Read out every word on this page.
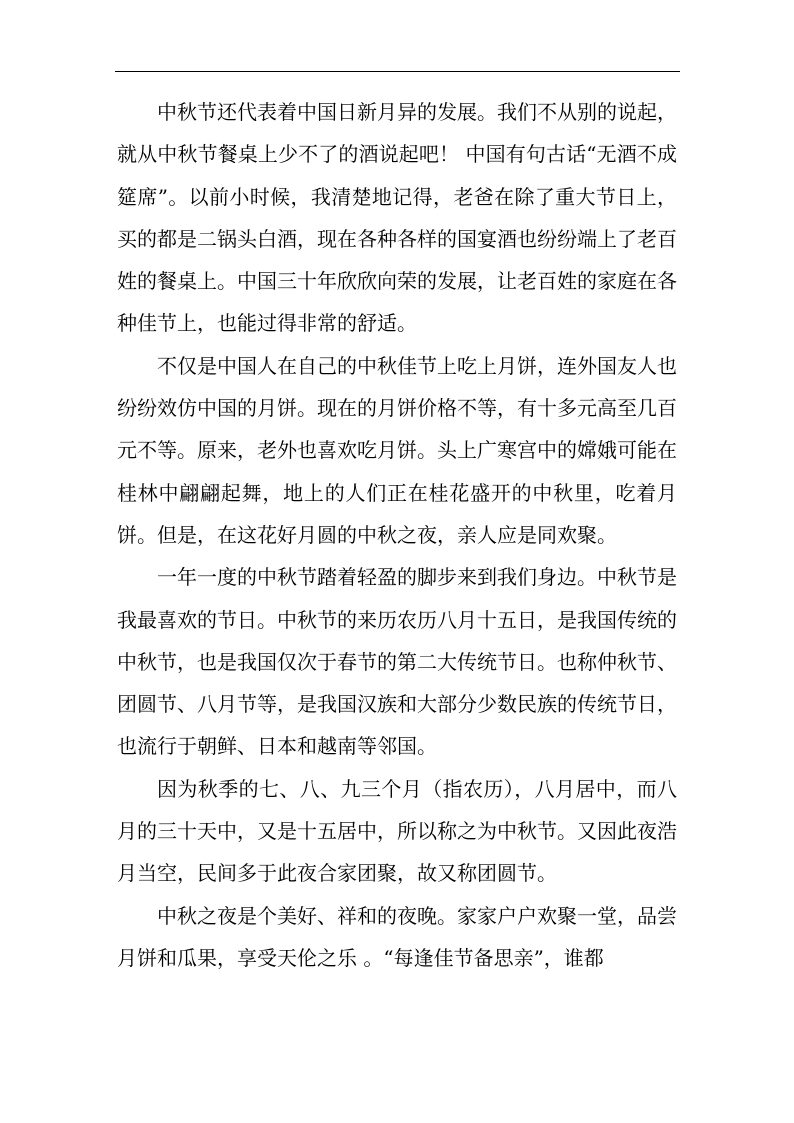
中秋节还代表着中国日新月异的发展。我们不从别的说起，就从中秋节餐桌上少不了的酒说起吧！ 中国有句古话“无酒不成筵席”。以前小时候，我清楚地记得，老爸在除了重大节日上，买的都是二锅头白酒，现在各种各样的国宴酒也纷纷端上了老百姓的餐桌上。中国三十年欣欣向荣的发展，让老百姓的家庭在各种佳节上，也能过得非常的舒适。

不仅是中国人在自己的中秋佳节上吃上月饼，连外国友人也纷纷效仿中国的月饼。现在的月饼价格不等，有十多元高至几百元不等。原来，老外也喜欢吃月饼。头上广寒宫中的嫦娥可能在桂林中翩翩起舞，地上的人们正在桂花盛开的中秋里，吃着月饼。但是，在这花好月圆的中秋之夜，亲人应是同欢聚。

一年一度的中秋节踏着轻盈的脚步来到我们身边。中秋节是我最喜欢的节日。中秋节的来历农历八月十五日，是我国传统的中秋节，也是我国仅次于春节的第二大传统节日。也称仲秋节、团圆节、八月节等，是我国汉族和大部分少数民族的传统节日，也流行于朝鲜、日本和越南等邻国。

因为秋季的七、八、九三个月（指农历），八月居中，而八月的三十天中，又是十五居中，所以称之为中秋节。又因此夜浩月当空，民间多于此夜合家团聚，故又称团圆节。

中秋之夜是个美好、祥和的夜晚。家家户户欢聚一堂，品尝月饼和瓜果，享受天伦之乐 。“每逢佳节备思亲”，谁都
